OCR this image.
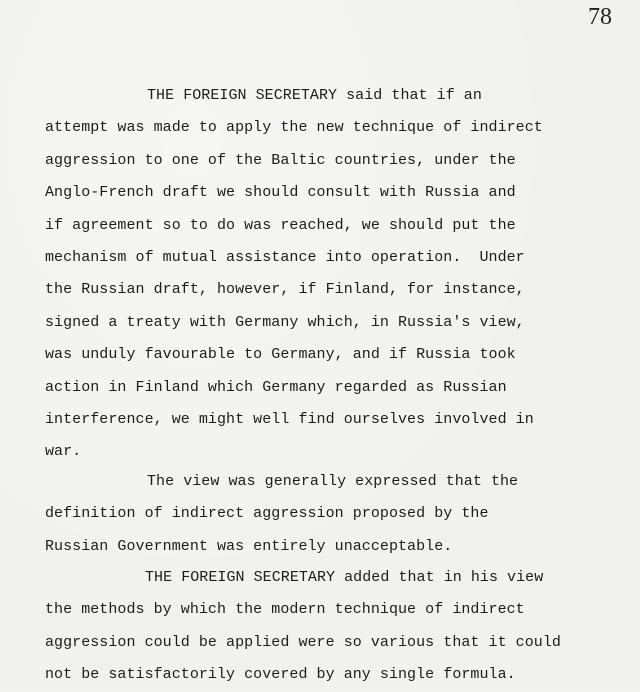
78
THE FOREIGN SECRETARY said that if an
attempt was made to apply the new technique of indirect
aggression to one of the Baltic countries, under the
Anglo-French draft we should consult with Russia and
if agreement so to do was reached, we should put the
mechanism of mutual assistance into operation.  Under
the Russian draft, however, if Finland, for instance,
signed a treaty with Germany which, in Russia's view,
was unduly favourable to Germany, and if Russia took
action in Finland which Germany regarded as Russian
interference, we might well find ourselves involved in
war.
The view was generally expressed that the
definition of indirect aggression proposed by the
Russian Government was entirely unacceptable.
THE FOREIGN SECRETARY added that in his view
the methods by which the modern technique of indirect
aggression could be applied were so various that it could
not be satisfactorily covered by any single formula.
